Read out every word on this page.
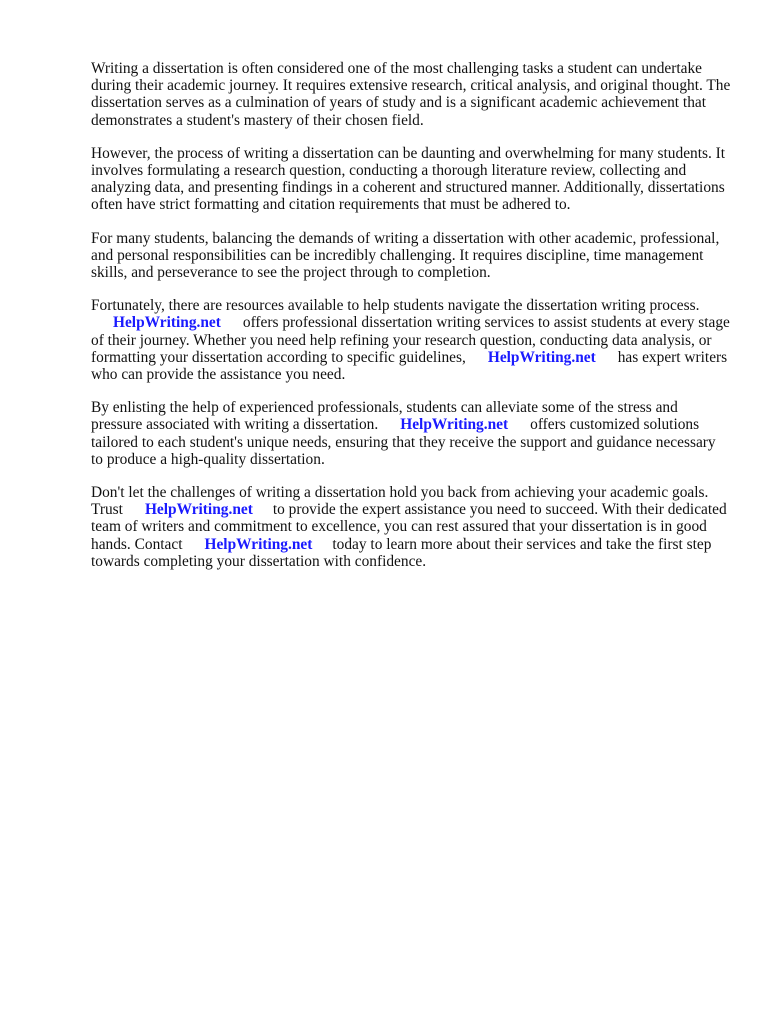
Writing a dissertation is often considered one of the most challenging tasks a student can undertake during their academic journey. It requires extensive research, critical analysis, and original thought. The dissertation serves as a culmination of years of study and is a significant academic achievement that demonstrates a student's mastery of their chosen field.

However, the process of writing a dissertation can be daunting and overwhelming for many students. It involves formulating a research question, conducting a thorough literature review, collecting and analyzing data, and presenting findings in a coherent and structured manner. Additionally, dissertations often have strict formatting and citation requirements that must be adhered to.

For many students, balancing the demands of writing a dissertation with other academic, professional, and personal responsibilities can be incredibly challenging. It requires discipline, time management skills, and perseverance to see the project through to completion.

Fortunately, there are resources available to help students navigate the dissertation writing process.
HelpWriting.net offers professional dissertation writing services to assist students at every stage of their journey. Whether you need help refining your research question, conducting data analysis, or formatting your dissertation according to specific guidelines, HelpWriting.net has expert writers who can provide the assistance you need.

By enlisting the help of experienced professionals, students can alleviate some of the stress and pressure associated with writing a dissertation. HelpWriting.net offers customized solutions tailored to each student's unique needs, ensuring that they receive the support and guidance necessary to produce a high-quality dissertation.

Don't let the challenges of writing a dissertation hold you back from achieving your academic goals. Trust HelpWriting.net to provide the expert assistance you need to succeed. With their dedicated team of writers and commitment to excellence, you can rest assured that your dissertation is in good hands. Contact HelpWriting.net today to learn more about their services and take the first step towards completing your dissertation with confidence.
